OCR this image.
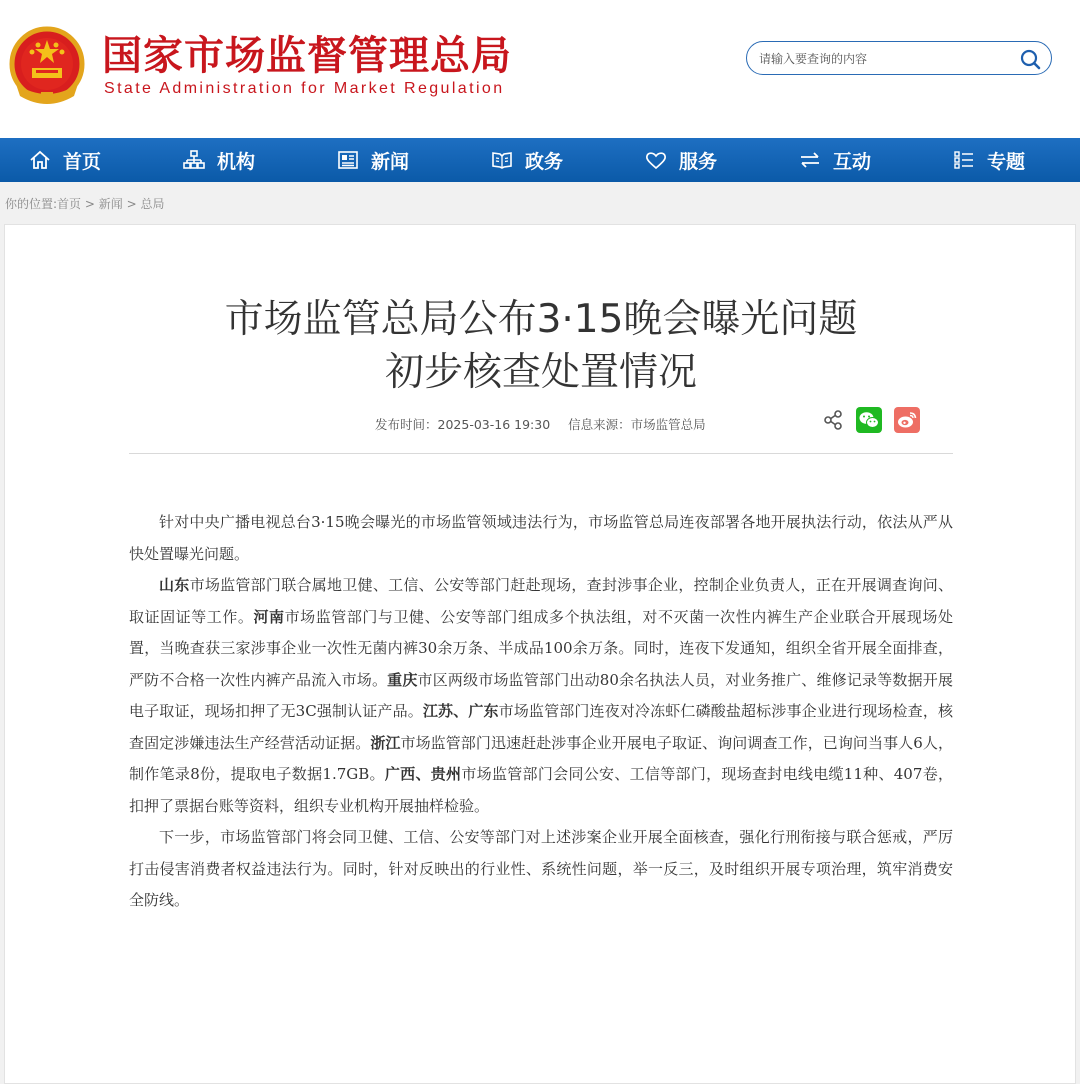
国家市场监督管理总局
State Administration for Market Regulation
请输入要查询的内容
首页	机构	新闻	政务	服务	互动	专题
你的位置:首页 > 新闻 > 总局
市场监管总局公布3·15晚会曝光问题
初步核查处置情况
发布时间：2025-03-16 19:30 信息来源：市场监管总局

针对中央广播电视总台3·15晚会曝光的市场监管领域违法行为，市场监管总局连夜部署各地开展执法行动，依法从严从快处置曝光问题。

山东市场监管部门联合属地卫健、工信、公安等部门赶赴现场，查封涉事企业，控制企业负责人，正在开展调查询问、取证固证等工作。河南市场监管部门与卫健、公安等部门组成多个执法组，对不灭菌一次性内裤生产企业联合开展现场处置，当晚查获三家涉事企业一次性无菌内裤30余万条、半成品100余万条。同时，连夜下发通知，组织全省开展全面排查，严防不合格一次性内裤产品流入市场。重庆市区两级市场监管部门出动80余名执法人员，对业务推广、维修记录等数据开展电子取证，现场扣押了无3C强制认证产品。江苏、广东市场监管部门连夜对冷冻虾仁磷酸盐超标涉事企业进行现场检查，核查固定涉嫌违法生产经营活动证据。浙江市场监管部门迅速赶赴涉事企业开展电子取证、询问调查工作，已询问当事人6人，制作笔录8份，提取电子数据1.7GB。广西、贵州市场监管部门会同公安、工信等部门，现场查封电线电缆11种、407卷，扣押了票据台账等资料，组织专业机构开展抽样检验。

下一步，市场监管部门将会同卫健、工信、公安等部门对上述涉案企业开展全面核查，强化行刑衔接与联合惩戒，严厉打击侵害消费者权益违法行为。同时，针对反映出的行业性、系统性问题，举一反三，及时组织开展专项治理，筑牢消费安全防线。
